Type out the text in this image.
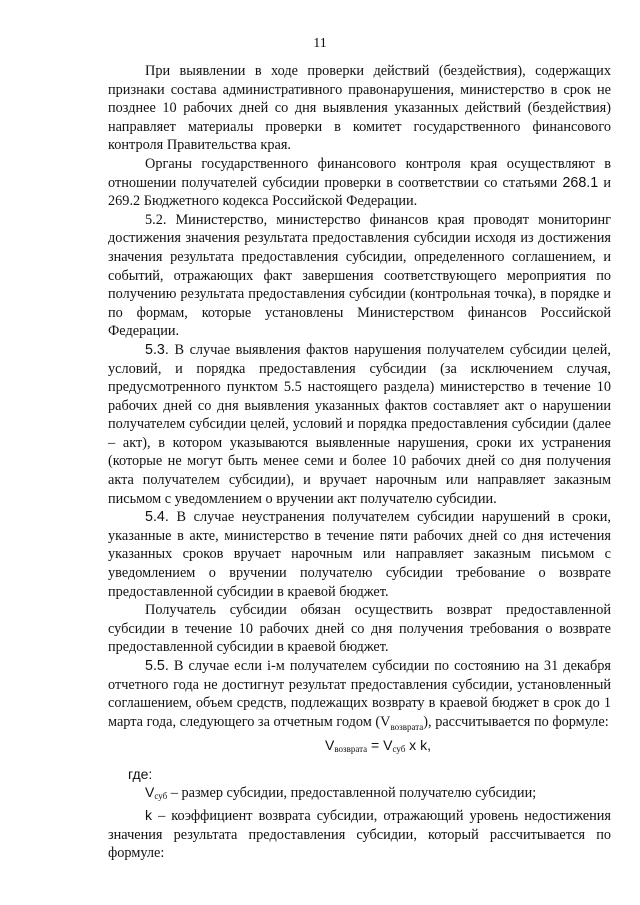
11

При выявлении в ходе проверки действий (бездействия), содержащих признаки состава административного правонарушения, министерство в срок не позднее 10 рабочих дней со дня выявления указанных действий (бездействия) направляет материалы проверки в комитет государственного финансового контроля Правительства края.

Органы государственного финансового контроля края осуществляют в отношении получателей субсидии проверки в соответствии со статьями 268.1 и 269.2 Бюджетного кодекса Российской Федерации.

5.2. Министерство, министерство финансов края проводят мониторинг достижения значения результата предоставления субсидии исходя из достижения значения результата предоставления субсидии, определенного соглашением, и событий, отражающих факт завершения соответствующего мероприятия по получению результата предоставления субсидии (контрольная точка), в порядке и по формам, которые установлены Министерством финансов Российской Федерации.

5.3. В случае выявления фактов нарушения получателем субсидии целей, условий, и порядка предоставления субсидии (за исключением случая, предусмотренного пунктом 5.5 настоящего раздела) министерство в течение 10 рабочих дней со дня выявления указанных фактов составляет акт о нарушении получателем субсидии целей, условий и порядка предоставления субсидии (далее – акт), в котором указываются выявленные нарушения, сроки их устранения (которые не могут быть менее семи и более 10 рабочих дней со дня получения акта получателем субсидии), и вручает нарочным или направляет заказным письмом с уведомлением о вручении акт получателю субсидии.

5.4. В случае неустранения получателем субсидии нарушений в сроки, указанные в акте, министерство в течение пяти рабочих дней со дня истечения указанных сроков вручает нарочным или направляет заказным письмом с уведомлением о вручении получателю субсидии требование о возврате предоставленной субсидии в краевой бюджет.

Получатель субсидии обязан осуществить возврат предоставленной субсидии в течение 10 рабочих дней со дня получения требования о возврате предоставленной субсидии в краевой бюджет.

5.5. В случае если i-м получателем субсидии по состоянию на 31 декабря отчетного года не достигнут результат предоставления субсидии, установленный соглашением, объем средств, подлежащих возврату в краевой бюджет в срок до 1 марта года, следующего за отчетным годом $(V_{возврата})$, рассчитывается по формуле:

$V_{возврата} = V_{суб}$ x k,

где:

$V_{суб}$ – размер субсидии, предоставленной получателю субсидии;

k – коэффициент возврата субсидии, отражающий уровень недостижения значения результата предоставления субсидии, который рассчитывается по формуле:
